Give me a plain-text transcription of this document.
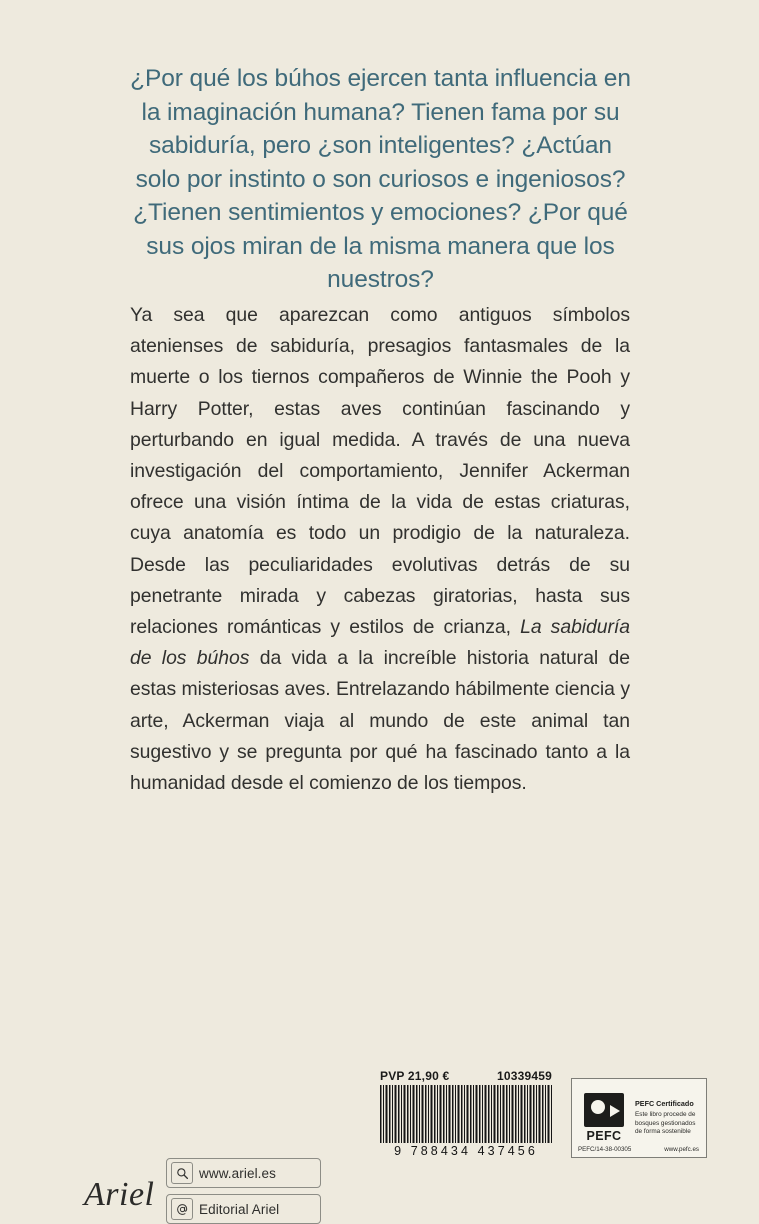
¿Por qué los búhos ejercen tanta influencia en la imaginación humana? Tienen fama por su sabiduría, pero ¿son inteligentes? ¿Actúan solo por instinto o son curiosos e ingeniosos? ¿Tienen sentimientos y emociones? ¿Por qué sus ojos miran de la misma manera que los nuestros?

Ya sea que aparezcan como antiguos símbolos atenienses de sabiduría, presagios fantasmales de la muerte o los tiernos compañeros de Winnie the Pooh y Harry Potter, estas aves continúan fascinando y perturbando en igual medida. A través de una nueva investigación del comportamiento, Jennifer Ackerman ofrece una visión íntima de la vida de estas criaturas, cuya anatomía es todo un prodigio de la naturaleza. Desde las peculiaridades evolutivas detrás de su penetrante mirada y cabezas giratorias, hasta sus relaciones románticas y estilos de crianza, La sabiduría de los búhos da vida a la increíble historia natural de estas misteriosas aves. Entrelazando hábilmente ciencia y arte, Ackerman viaja al mundo de este animal tan sugestivo y se pregunta por qué ha fascinado tanto a la humanidad desde el comienzo de los tiempos.

Ariel
www.ariel.es
Editorial Ariel
PVP 21,90 €	10339459
9 788434 437456
PEFC
PEFC Certificado
Este libro procede de bosques gestionados de forma sostenible
PEFC/14-38-00305	www.pefc.es
